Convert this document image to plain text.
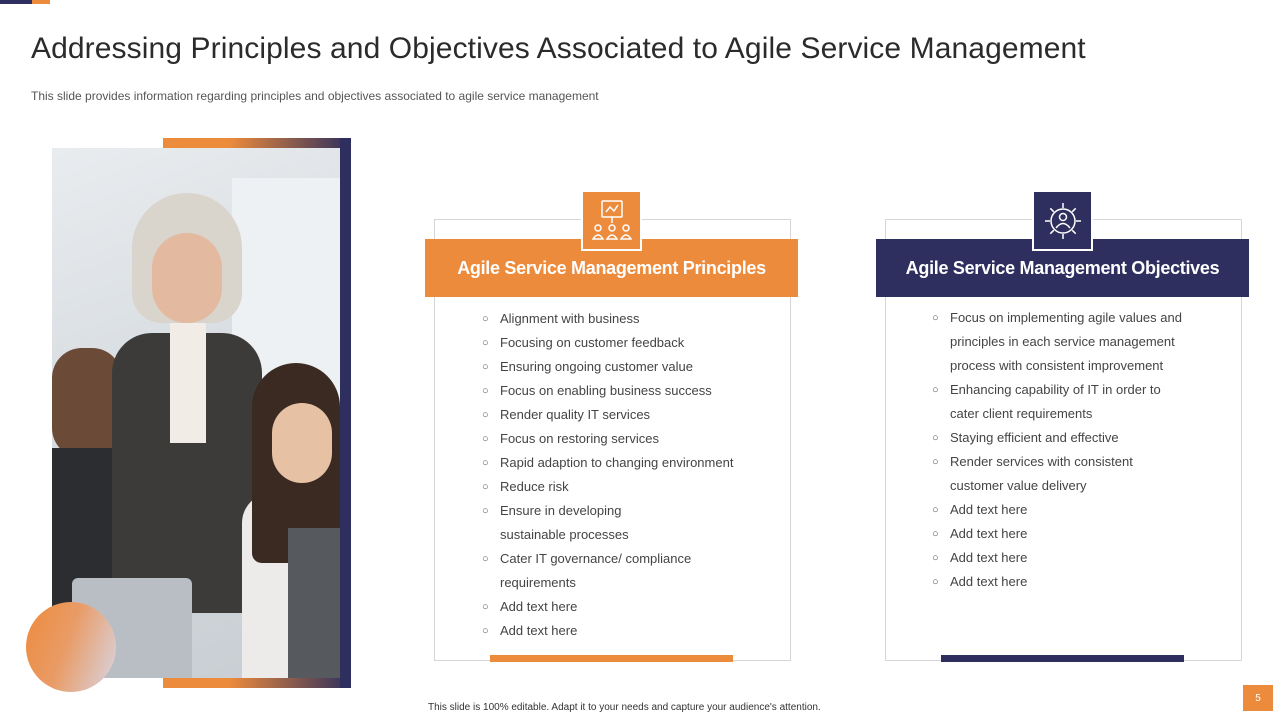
Addressing Principles and Objectives Associated to Agile Service Management

This slide provides information regarding principles and objectives associated to agile service management

Agile Service Management Principles
○ Alignment with business
○ Focusing on customer feedback
○ Ensuring ongoing customer value
○ Focus on enabling business success
○ Render quality IT services
○ Focus on restoring services
○ Rapid adaption to changing environment
○ Reduce risk
○ Ensure in developing sustainable processes
○ Cater IT governance/ compliance requirements
○ Add text here
○ Add text here
Agile Service Management Objectives
○ Focus on implementing agile values and principles in each service management process with consistent improvement
○ Enhancing capability of IT in order to cater client requirements
○ Staying efficient and effective
○ Render services with consistent customer value delivery
○ Add text here
○ Add text here
○ Add text here
○ Add text here

This slide is 100% editable. Adapt it to your needs and capture your audience's attention.

5
